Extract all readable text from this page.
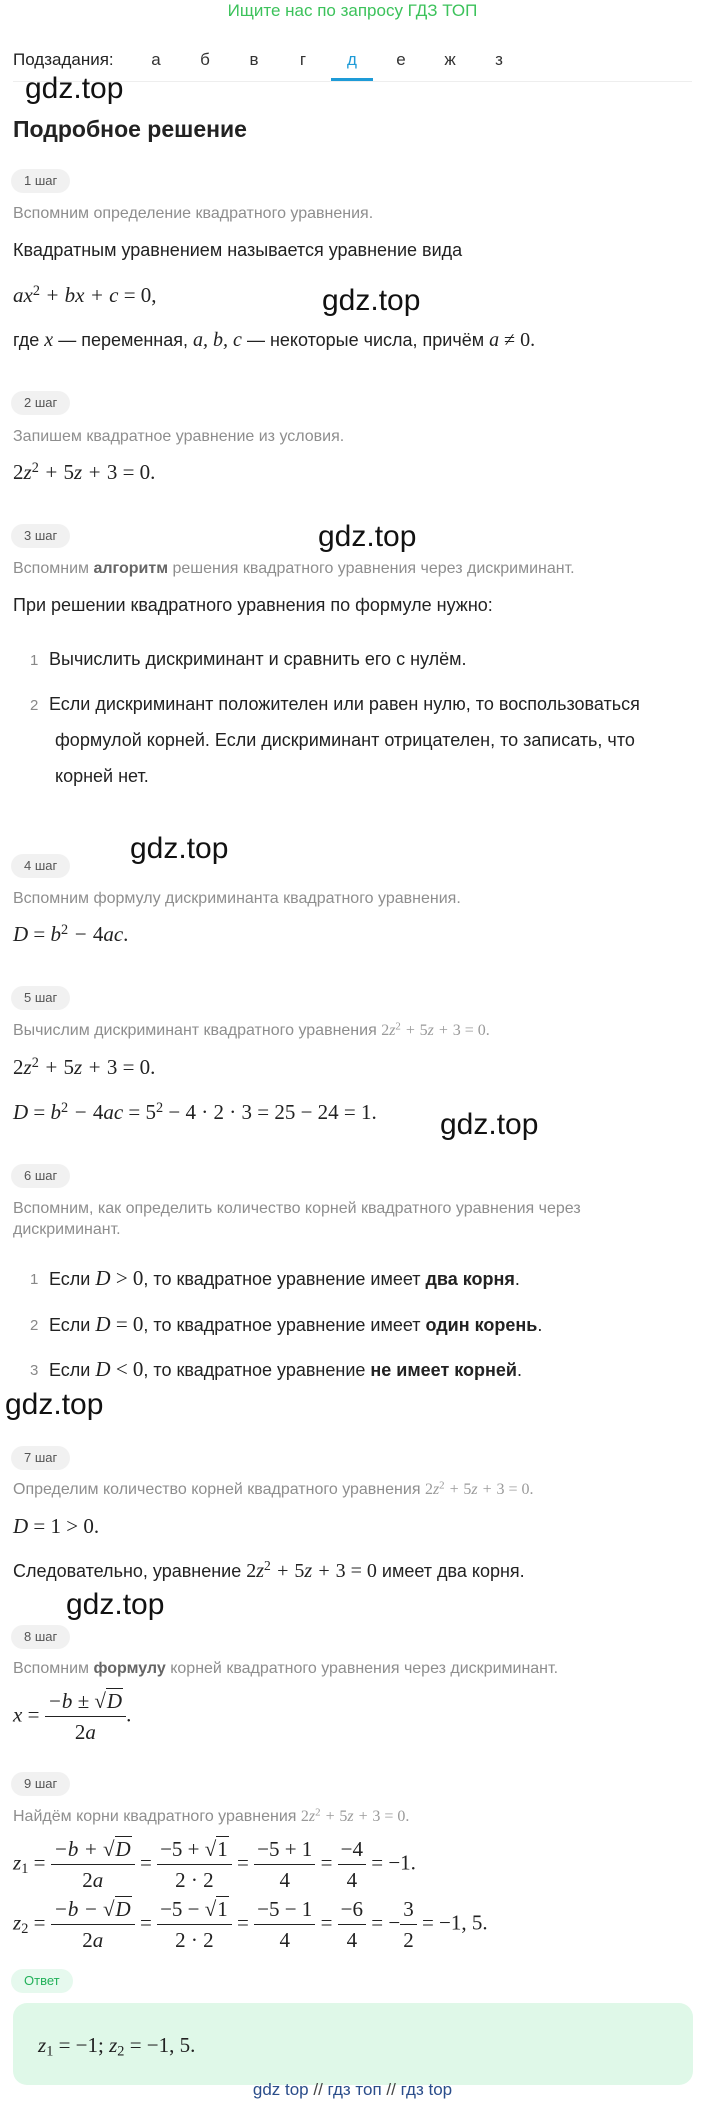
Ищите нас по запросу ГДЗ ТОП
Подзадания:	а	б	в	г	д	е	ж	з
gdz.top
gdz.top
gdz.top
gdz.top
gdz.top
gdz.top
gdz.top
Подробное решение
1 шаг
Вспомним определение квадратного уравнения.
Квадратным уравнением называется уравнение вида
$ax^2$ + bx + c = 0,
где x — переменная, a, b, c — некоторые числа, причём a ≠ 0.
2 шаг
Запишем квадратное уравнение из условия.
$2z^2 + 5z + 3 = 0$.
3 шаг
Вспомним алгоритм решения квадратного уравнения через дискриминант.
При решении квадратного уравнения по формуле нужно:
1 Вычислить дискриминант и сравнить его с нулём.
2 Если дискриминант положителен или равен нулю, то воспользоваться
формулой корней. Если дискриминант отрицателен, то записать, что
корней нет.
4 шаг
Вспомним формулу дискриминанта квадратного уравнения.
$D = b^2 - 4ac$.
5 шаг
Вычислим дискриминант квадратного уравнения $2z^2 + 5z + 3 = 0$.
$2z^2 + 5z + 3 = 0$.
$D = b^2 - 4ac = 5^2 - 4 \cdot 2 \cdot 3 = 25 - 24 = 1$.
6 шаг
Вспомним, как определить количество корней квадратного уравнения через
дискриминант.
1 Если D > 0, то квадратное уравнение имеет два корня.
2 Если D = 0, то квадратное уравнение имеет один корень.
3 Если D < 0, то квадратное уравнение не имеет корней.
7 шаг
Определим количество корней квадратного уравнения $2z^2 + 5z + 3 = 0$.
D = 1 > 0.
Следовательно, уравнение $2z^2 + 5z + 3 = 0$ имеет два корня.
8 шаг
Вспомним формулу корней квадратного уравнения через дискриминант.
$x = \frac{-b \pm √D}{2a}$ .
9 шаг
Найдём корни квадратного уравнения $2z^2 + 5z + 3 = 0$.
$z_1 = \frac{-b + √D}{2a} = \frac{-5 + √1}{2 \cdot 2} = \frac{-5 + 1}{4} = \frac{-4}{4} = -1$.
$z_2 = \frac{-b - √D}{2a} = \frac{-5 - √1}{2 \cdot 2} = \frac{-5 - 1}{4} = \frac{-6}{4}$ = − $\frac{3}{2} = -1$, 5.
Ответ
$z_1 = -1$; $z_2 = -1$, 5.
gdz top // гдз топ // гдз top
